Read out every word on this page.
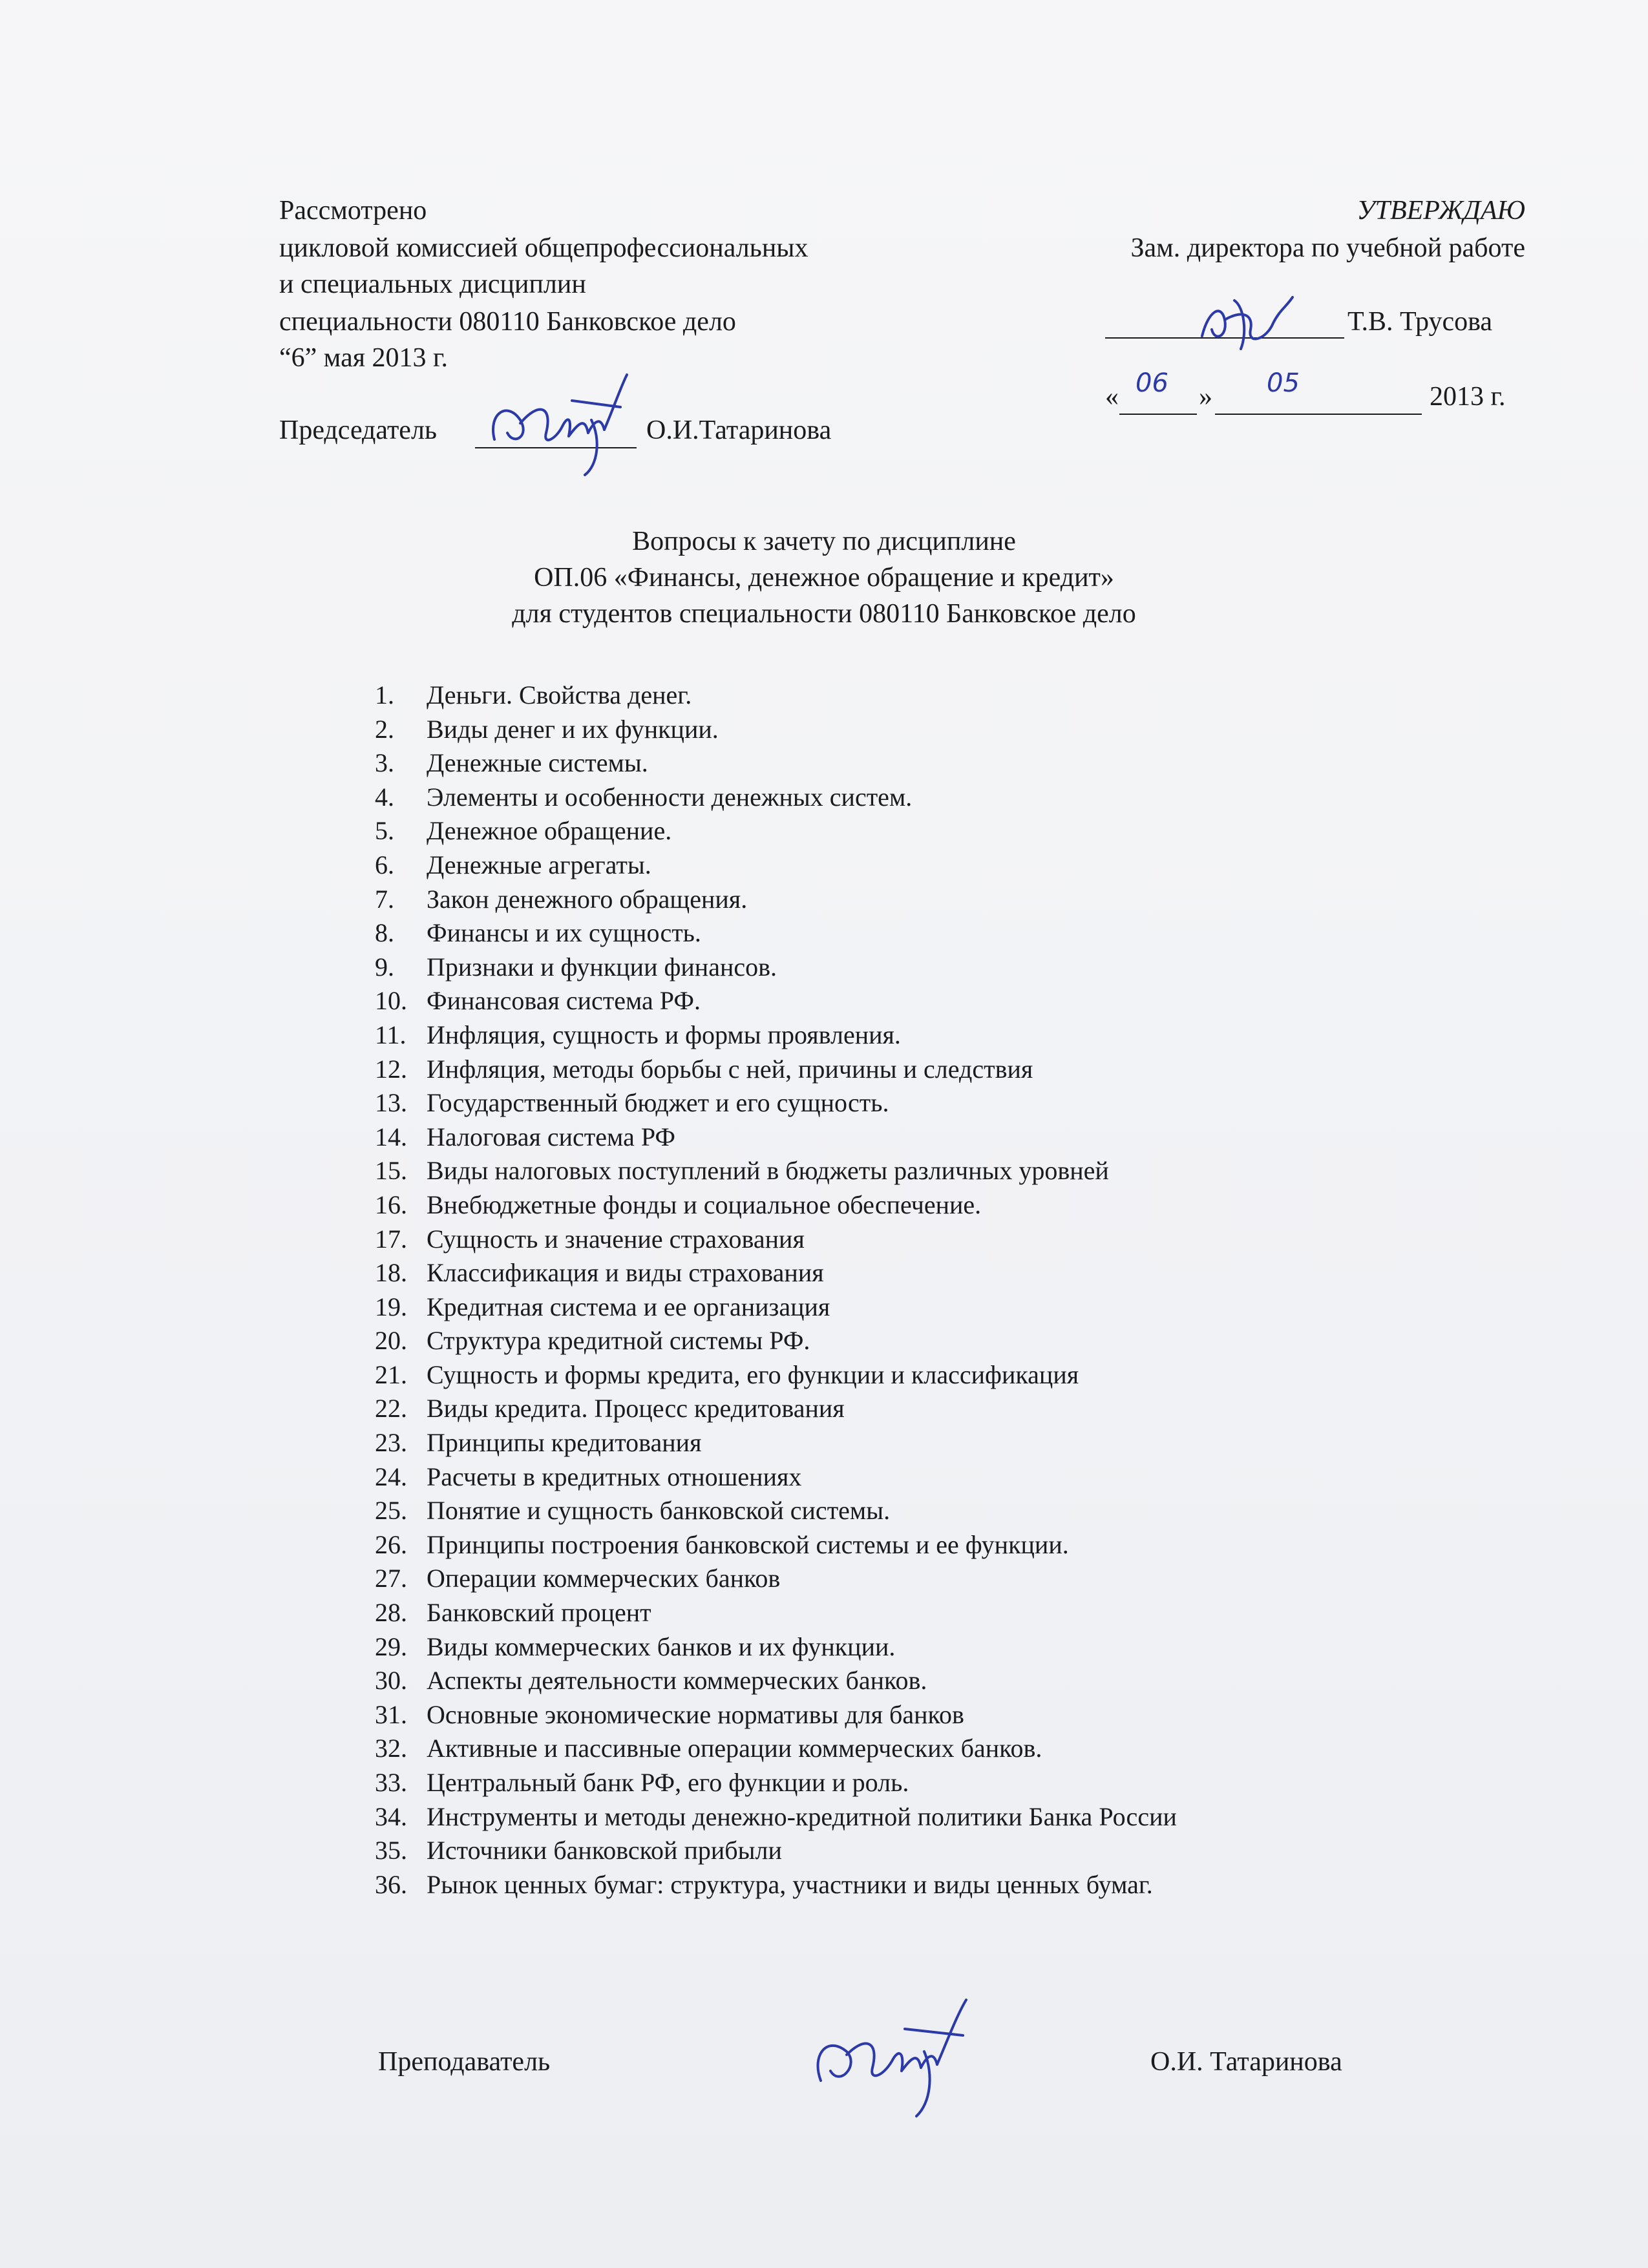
Рассмотрено
цикловой комиссией общепрофессиональных
и специальных дисциплин
специальности 080110 Банковское дело
“6” мая 2013 г.
Председатель	О.И.Татаринова
УТВЕРЖДАЮ
Зам. директора по учебной работе
Т.В. Трусова
« 06 » 05	2013 г.
Вопросы к зачету по дисциплине
ОП.06 «Финансы, денежное обращение и кредит»
для студентов специальности 080110 Банковское дело
1. Деньги. Свойства денег.
2. Виды денег и их функции.
3. Денежные системы.
4. Элементы и особенности денежных систем.
5. Денежное обращение.
6. Денежные агрегаты.
7. Закон денежного обращения.
8. Финансы и их сущность.
9. Признаки и функции финансов.
10. Финансовая система РФ.
11. Инфляция, сущность и формы проявления.
12. Инфляция, методы борьбы с ней, причины и следствия
13. Государственный бюджет и его сущность.
14. Налоговая система РФ
15. Виды налоговых поступлений в бюджеты различных уровней
16. Внебюджетные фонды и социальное обеспечение.
17. Сущность и значение страхования
18. Классификация и виды страхования
19. Кредитная система и ее организация
20. Структура кредитной системы РФ.
21. Сущность и формы кредита, его функции и классификация
22. Виды кредита. Процесс кредитования
23. Принципы кредитования
24. Расчеты в кредитных отношениях
25. Понятие и сущность банковской системы.
26. Принципы построения банковской системы и ее функции.
27. Операции коммерческих банков
28. Банковский процент
29. Виды коммерческих банков и их функции.
30. Аспекты деятельности коммерческих банков.
31. Основные экономические нормативы для банков
32. Активные и пассивные операции коммерческих банков.
33. Центральный банк РФ, его функции и роль.
34. Инструменты и методы денежно-кредитной политики Банка России
35. Источники банковской прибыли
36. Рынок ценных бумаг: структура, участники и виды ценных бумаг.
Преподаватель	О.И. Татаринова
